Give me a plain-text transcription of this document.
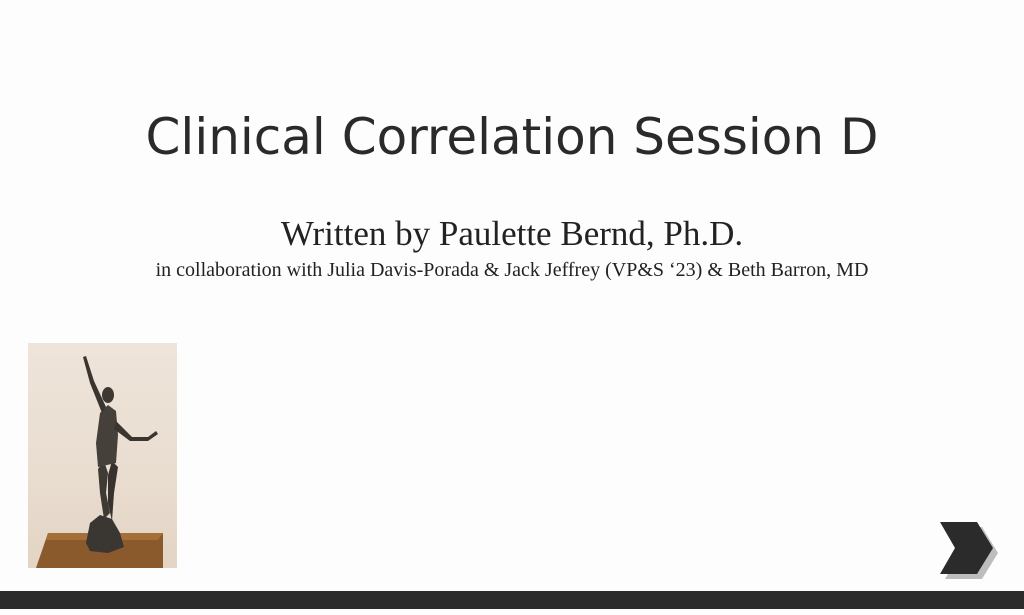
Clinical Correlation Session D
Written by Paulette Bernd, Ph.D.
in collaboration with Julia Davis-Porada & Jack Jeffrey (VP&S ‘23) & Beth Barron, MD
